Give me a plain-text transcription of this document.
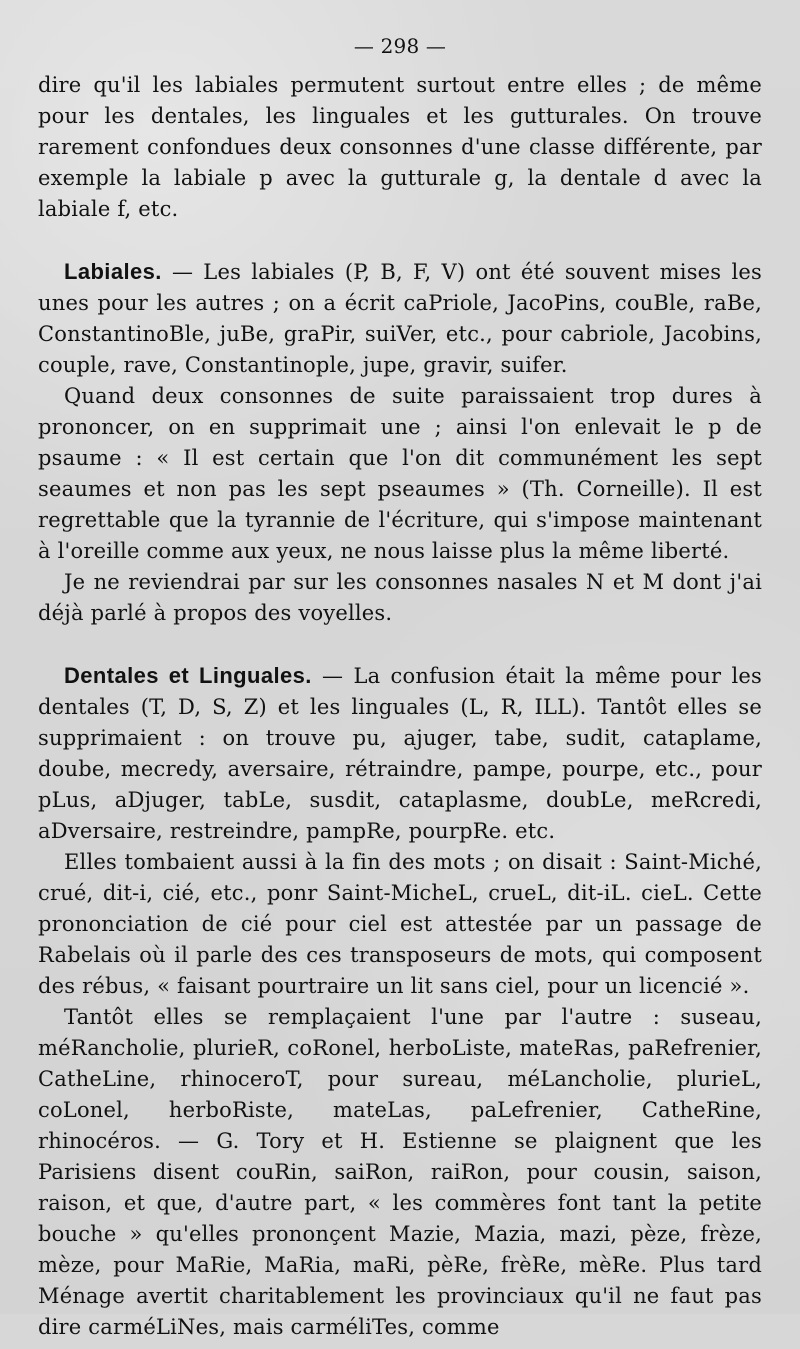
— 298 —

dire qu'il les labiales permutent surtout entre elles ; de même pour les dentales, les linguales et les gutturales. On trouve rarement confondues deux consonnes d'une classe différente, par exemple la labiale p avec la gutturale g, la dentale d avec la labiale f, etc.

Labiales. — Les labiales (P, B, F, V) ont été souvent mises les unes pour les autres ; on a écrit caPriole, JacoPins, couBle, raBe, ConstantinoBle, juBe, graPir, suiVer, etc., pour cabriole, Jacobins, couple, rave, Constantinople, jupe, gravir, suifer.

Quand deux consonnes de suite paraissaient trop dures à prononcer, on en supprimait une ; ainsi l'on enlevait le p de psaume : « Il est certain que l'on dit communément les sept seaumes et non pas les sept pseaumes » (Th. Corneille). Il est regrettable que la tyrannie de l'écriture, qui s'impose maintenant à l'oreille comme aux yeux, ne nous laisse plus la même liberté.

Je ne reviendrai par sur les consonnes nasales N et M dont j'ai déjà parlé à propos des voyelles.

Dentales et Linguales. — La confusion était la même pour les dentales (T, D, S, Z) et les linguales (L, R, ILL). Tantôt elles se supprimaient : on trouve pu, ajuger, tabe, sudit, cataplame, doube, mecredy, aversaire, rétraindre, pampe, pourpe, etc., pour pLus, aDjuger, tabLe, susdit, cataplasme, doubLe, meRcredi, aDversaire, restreindre, pampRe, pourpRe. etc.

Elles tombaient aussi à la fin des mots ; on disait : Saint-Miché, crué, dit-i, cié, etc., ponr Saint-MicheL, crueL, dit-iL. cieL. Cette prononciation de cié pour ciel est attestée par un passage de Rabelais où il parle des ces transposeurs de mots, qui composent des rébus, « faisant pourtraire un lit sans ciel, pour un licencié ».

Tantôt elles se remplaçaient l'une par l'autre : suseau, méRancholie, plurieR, coRonel, herboListe, mateRas, paRefrenier, CatheLine, rhinoceroT, pour sureau, méLancholie, plurieL, coLonel, herboRiste, mateLas, paLefrenier, CatheRine, rhinocéros. — G. Tory et H. Estienne se plaignent que les Parisiens disent couRin, saiRon, raiRon, pour cousin, saison, raison, et que, d'autre part, « les commères font tant la petite bouche » qu'elles prononçent Mazie, Mazia, mazi, pèze, frèze, mèze, pour MaRie, MaRia, maRi, pèRe, frèRe, mèRe. Plus tard Ménage avertit charitablement les provinciaux qu'il ne faut pas dire carméLiNes, mais carméliTes, comme
